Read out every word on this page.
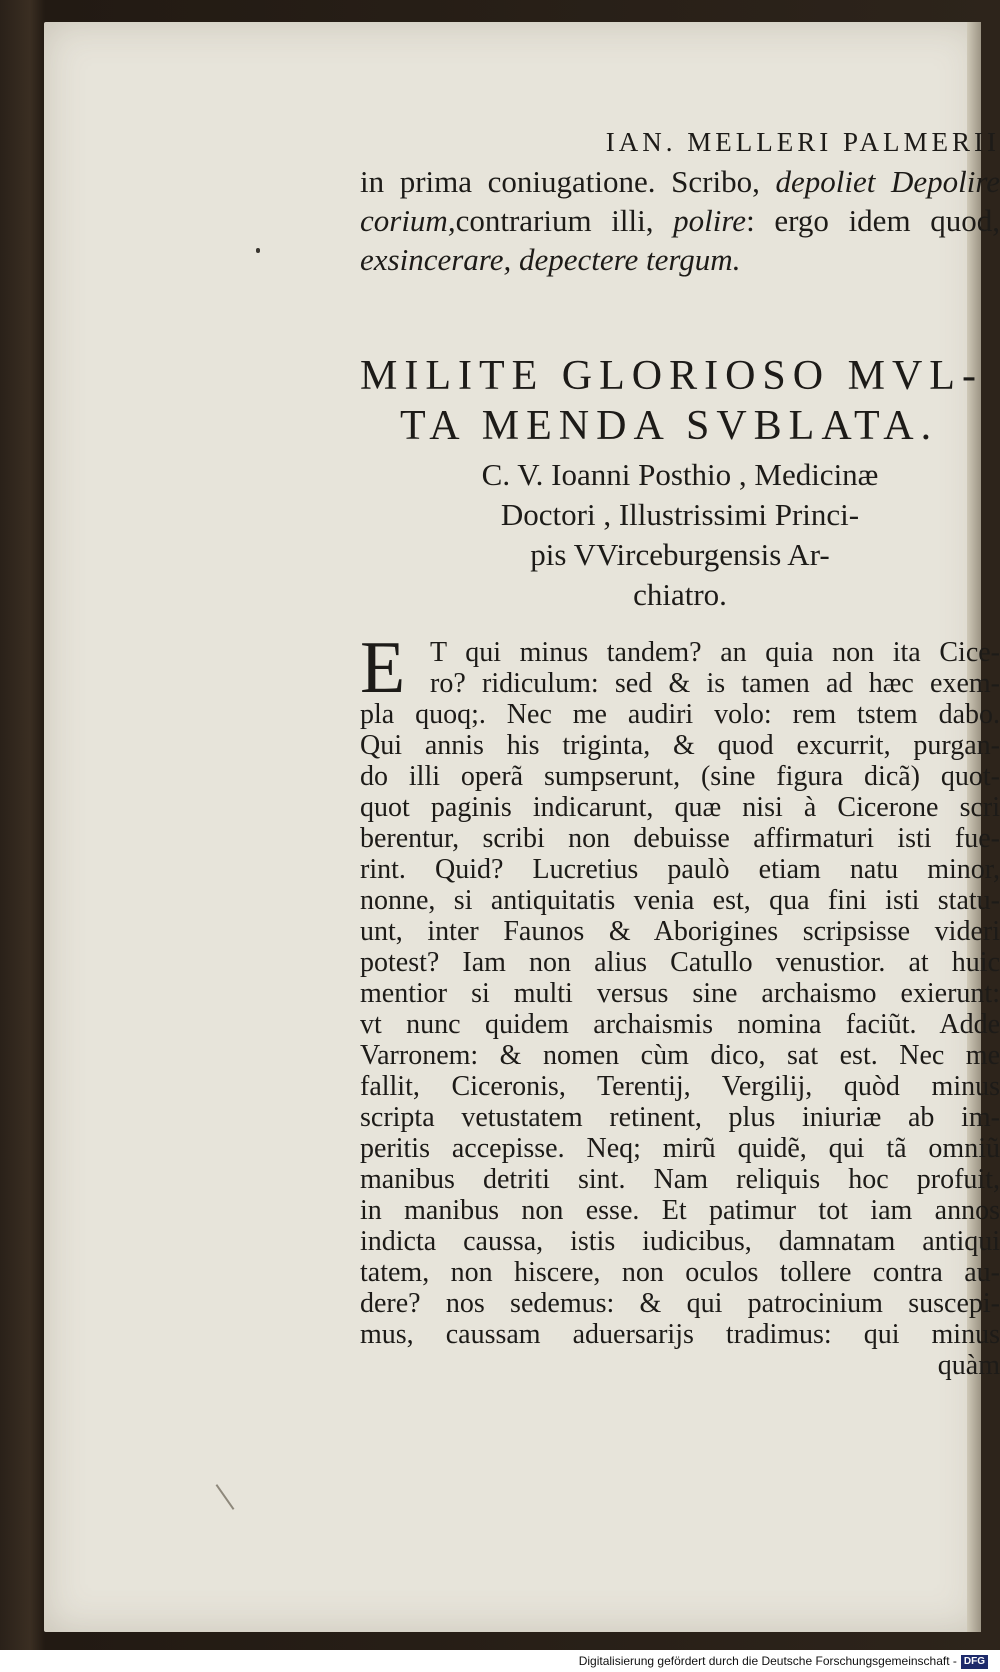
IAN. MELLERI PALMERII

in prima coniugatione. Scribo, depoliet Depolire

corium,contrarium illi, polire: ergo idem quod,

exsincerare, depectere tergum.

MILITE GLORIOSO MVL-
TA MENDA SVBLATA.
C. V. Ioanni Posthio , Medicinæ
Doctori , Illustrissimi Princi-
pis VVirceburgensis Ar-
chiatro.
E T qui minus tandem? an quia non ita Cice-
ro? ridiculum: sed & is tamen ad hæc exem-
pla quoq;. Nec me audiri volo: rem tstem dabo.
Qui annis his triginta, & quod excurrit, purgan-
do illi operã sumpserunt, (sine figura dicã) quot-
quot paginis indicarunt, quæ nisi à Cicerone scri
berentur, scribi non debuisse affirmaturi isti fue-
rint. Quid? Lucretius paulò etiam natu minor,
nonne, si antiquitatis venia est, qua fini isti statu-
unt, inter Faunos & Aborigines scripsisse videri
potest? Iam non alius Catullo venustior. at huic
mentior si multi versus sine archaismo exierunt:
vt nunc quidem archaismis nomina faciũt. Adde
Varronem: & nomen cùm dico, sat est. Nec me
fallit, Ciceronis, Terentij, Vergilij, quòd minus
scripta vetustatem retinent, plus iniuriæ ab im-
peritis accepisse. Neq; mirũ quidẽ, qui tã omniũ
manibus detriti sint. Nam reliquis hoc profuit,
in manibus non esse. Et patimur tot iam annos
indicta caussa, istis iudicibus, damnatam antiqui
tatem, non hiscere, non oculos tollere contra au-
dere? nos sedemus: & qui patrocinium suscepi-
mus, caussam aduersarijs tradimus: qui minus
quàm
Digitalisierung gefördert durch die Deutsche Forschungsgemeinschaft - DFG
